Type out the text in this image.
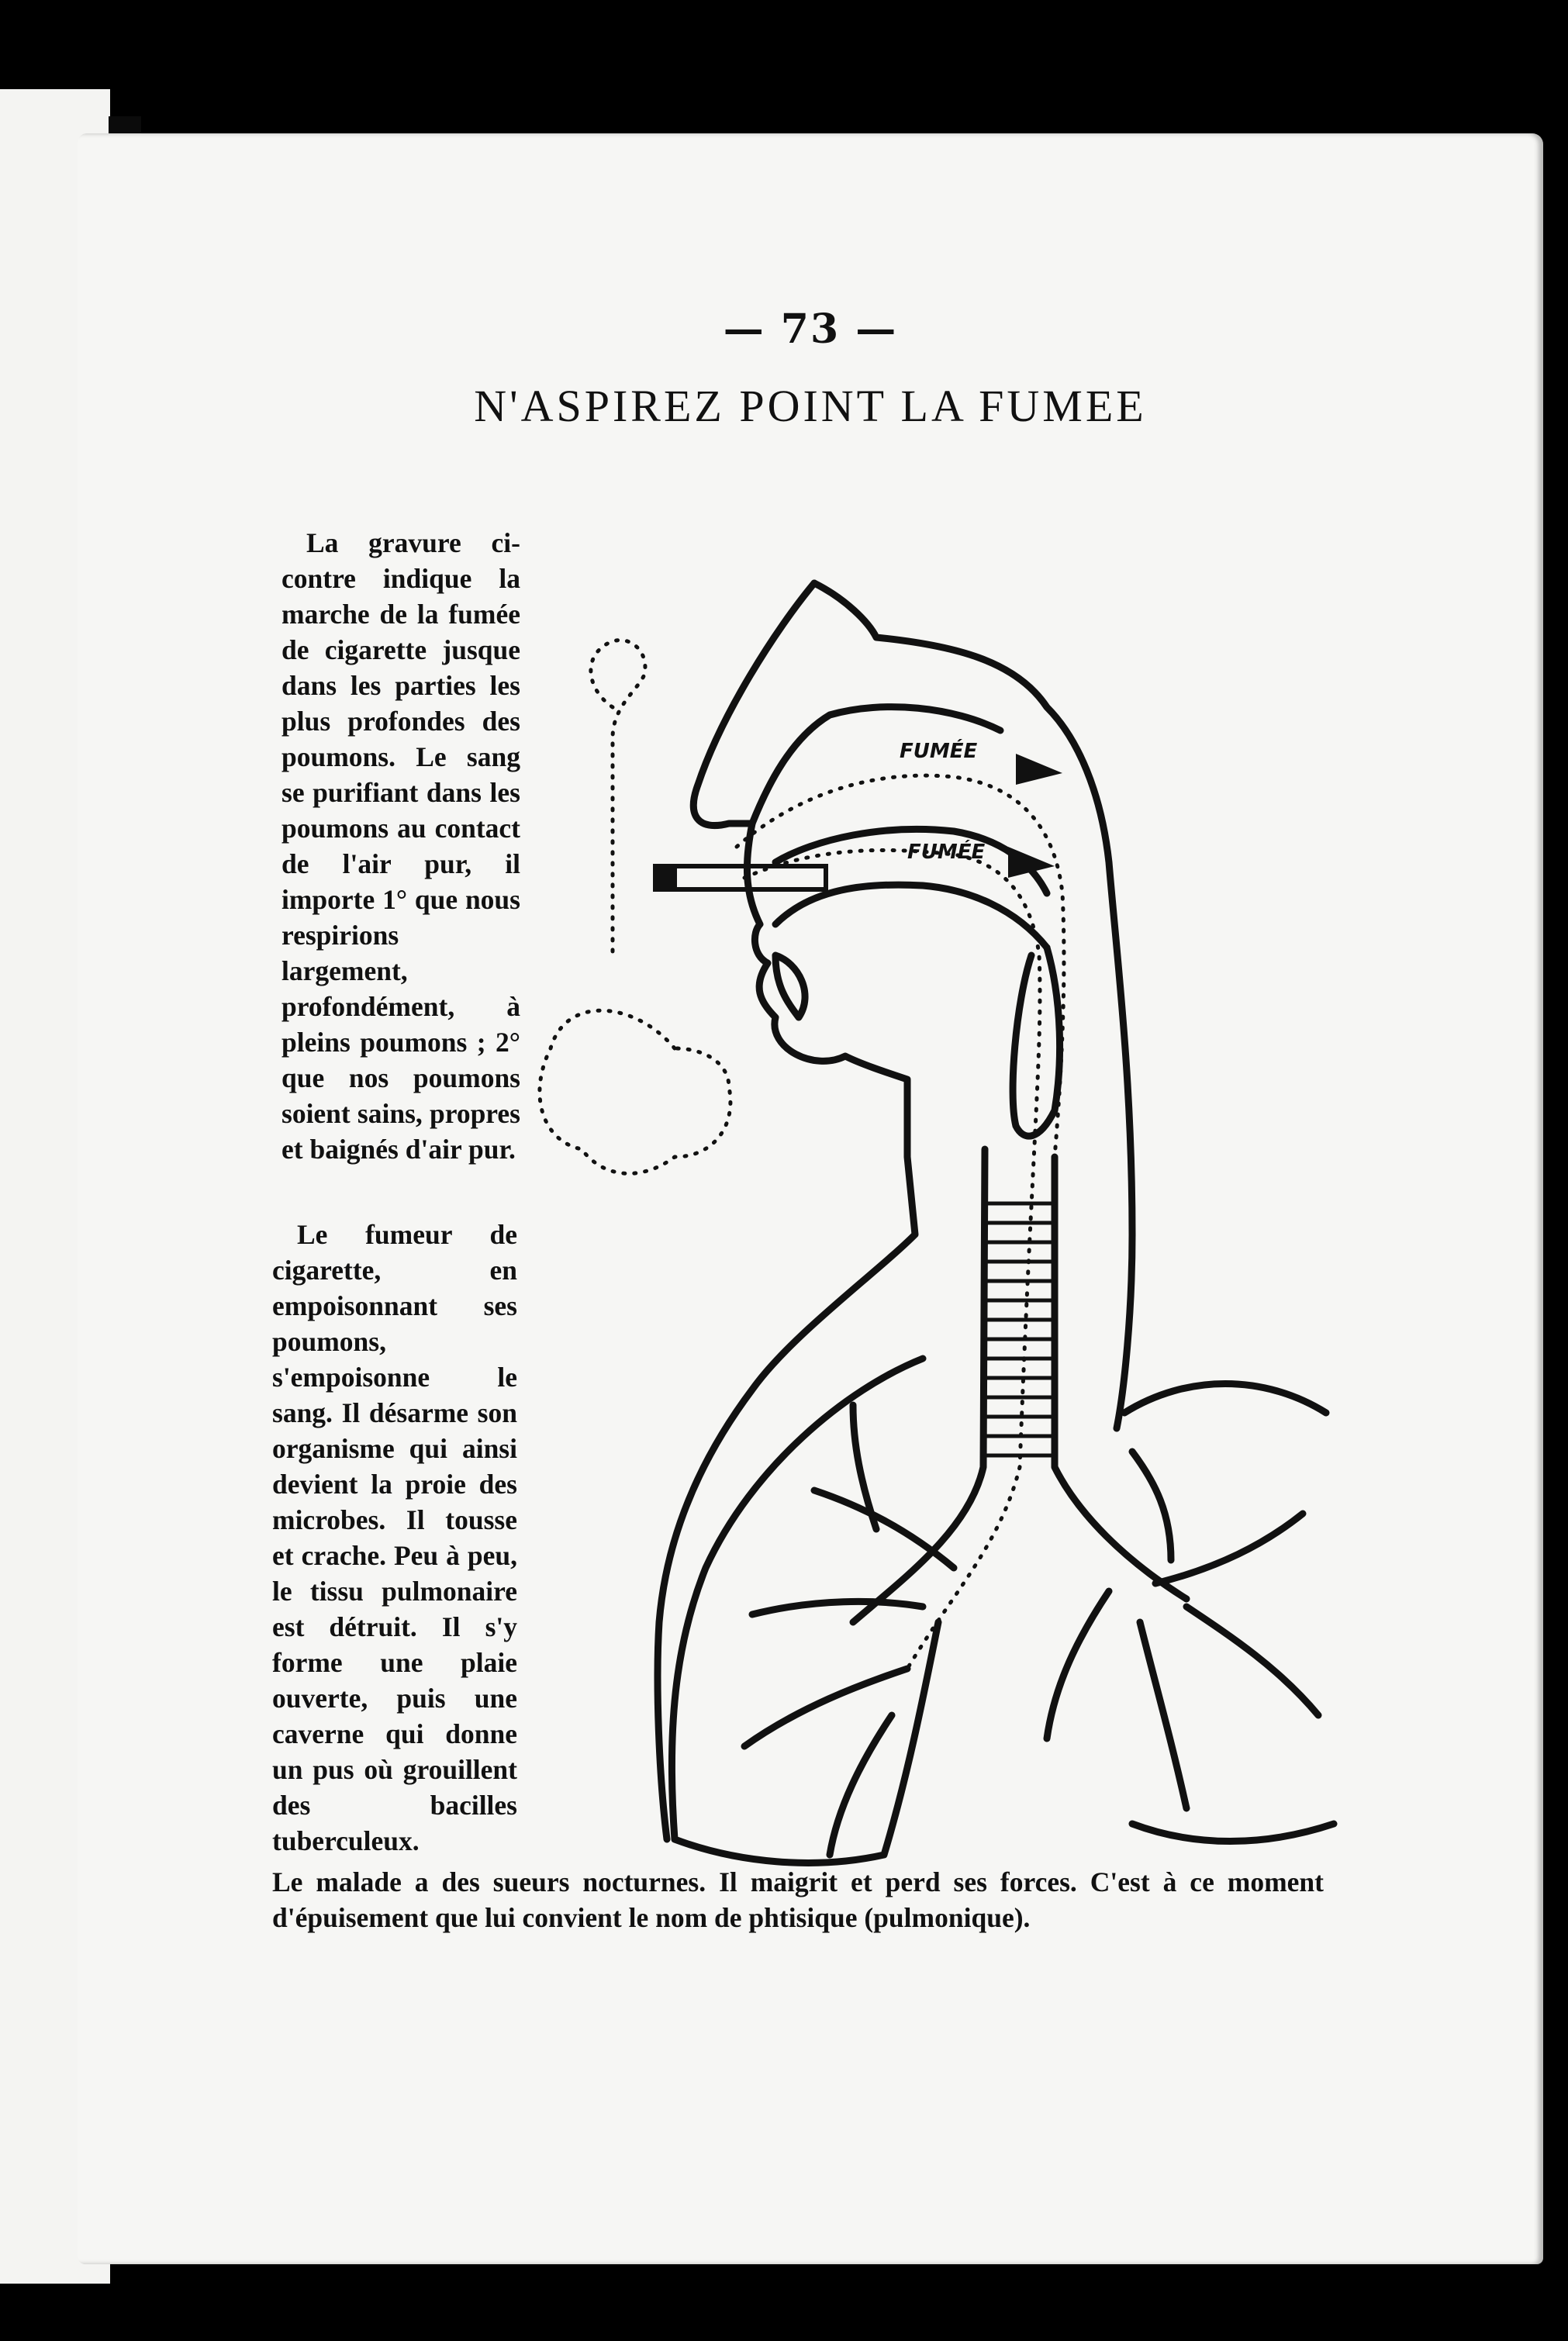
— 73 —
N'ASPIREZ POINT LA FUMEE

La gravure ci-contre indique la marche de la fumée de cigarette jusque dans les parties les plus profondes des poumons. Le sang se purifiant dans les poumons au contact de l'air pur, il importe 1° que nous respirions largement, profondément, à pleins poumons ; 2° que nos poumons soient sains, propres et baignés d'air pur.

Le fumeur de cigarette, en empoisonnant ses poumons, s'empoisonne le sang. Il désarme son organisme qui ainsi devient la proie des microbes. Il tousse et crache. Peu à peu, le tissu pulmonaire est détruit. Il s'y forme une plaie ouverte, puis une caverne qui donne un pus où grouillent des bacilles tuberculeux.

Le malade a des sueurs nocturnes. Il maigrit et perd ses forces. C'est à ce moment d'épuisement que lui convient le nom de phtisique (pulmonique).
FUMÉE
FUMÉE
